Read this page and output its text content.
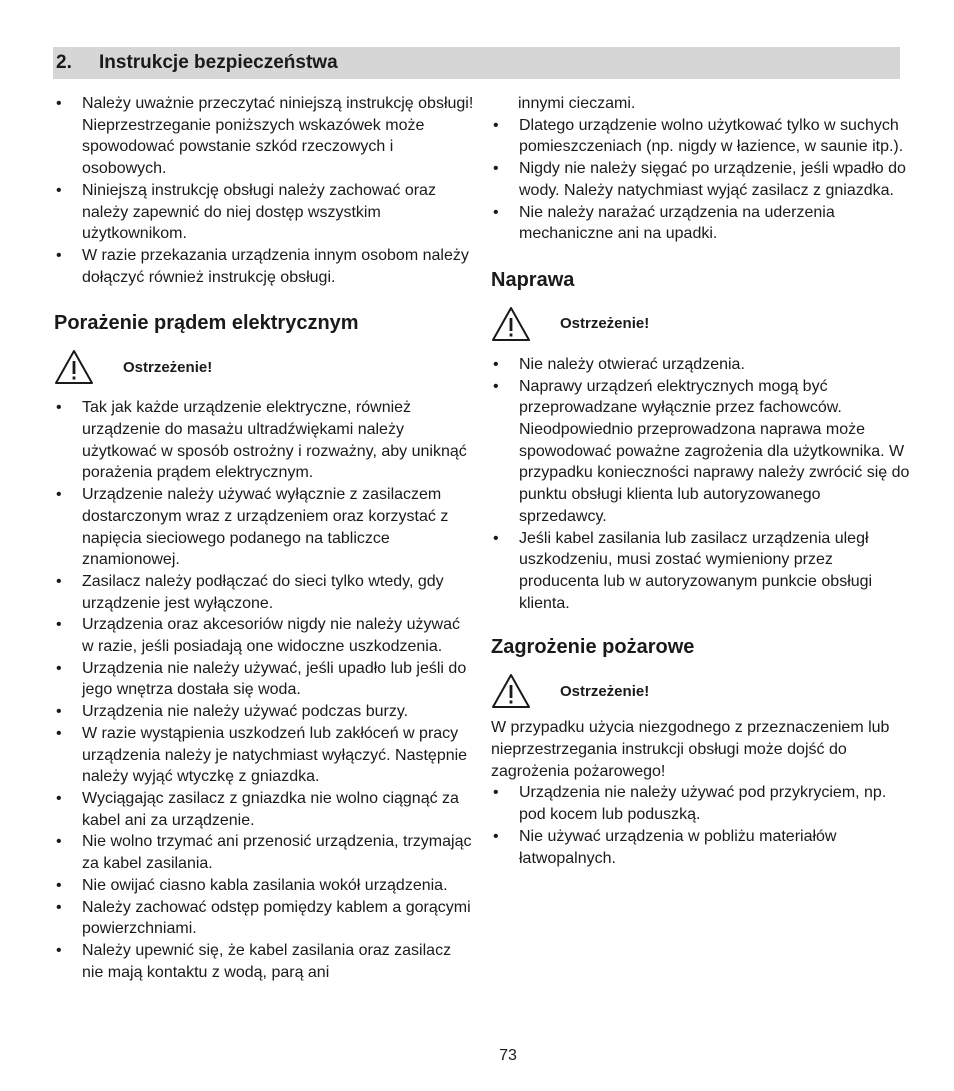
2. Instrukcje bezpieczeństwa
• Należy uważnie przeczytać niniejszą instrukcję obsługi! Nieprzestrzeganie poniższych wskazówek może spowodować powstanie szkód rzeczowych i osobowych.
• Niniejszą instrukcję obsługi należy zachować oraz należy zapewnić do niej dostęp wszystkim użytkownikom.
• W razie przekazania urządzenia innym osobom należy dołączyć również instrukcję obsługi.
Porażenie prądem elektrycznym
Ostrzeżenie!
• Tak jak każde urządzenie elektryczne, również urządzenie do masażu ultradźwiękami należy użytkować w sposób ostrożny i rozważny, aby uniknąć porażenia prądem elektrycznym.
• Urządzenie należy używać wyłącznie z zasilaczem dostarczonym wraz z urządzeniem oraz korzystać z napięcia sieciowego podanego na tabliczce znamionowej.
• Zasilacz należy podłączać do sieci tylko wtedy, gdy urządzenie jest wyłączone.
• Urządzenia oraz akcesoriów nigdy nie należy używać w razie, jeśli posiadają one widoczne uszkodzenia.
• Urządzenia nie należy używać, jeśli upadło lub jeśli do jego wnętrza dostała się woda.
• Urządzenia nie należy używać podczas burzy.
• W razie wystąpienia uszkodzeń lub zakłóceń w pracy urządzenia należy je natychmiast wyłączyć. Następnie należy wyjąć wtyczkę z gniazdka.
• Wyciągając zasilacz z gniazdka nie wolno ciągnąć za kabel ani za urządzenie.
• Nie wolno trzymać ani przenosić urządzenia, trzymając za kabel zasilania.
• Nie owijać ciasno kabla zasilania wokół urządzenia.
• Należy zachować odstęp pomiędzy kablem a gorącymi powierzchniami.
• Należy upewnić się, że kabel zasilania oraz zasilacz nie mają kontaktu z wodą, parą ani
innymi cieczami.
• Dlatego urządzenie wolno użytkować tylko w suchych pomieszczeniach (np. nigdy w łazience, w saunie itp.).
• Nigdy nie należy sięgać po urządzenie, jeśli wpadło do wody. Należy natychmiast wyjąć zasilacz z gniazdka.
• Nie należy narażać urządzenia na uderzenia mechaniczne ani na upadki.
Naprawa
Ostrzeżenie!
• Nie należy otwierać urządzenia.
• Naprawy urządzeń elektrycznych mogą być przeprowadzane wyłącznie przez fachowców. Nieodpowiednio przeprowadzona naprawa może spowodować poważne zagrożenia dla użytkownika. W przypadku konieczności naprawy należy zwrócić się do punktu obsługi klienta lub autoryzowanego sprzedawcy.
• Jeśli kabel zasilania lub zasilacz urządzenia uległ uszkodzeniu, musi zostać wymieniony przez producenta lub w autoryzowanym punkcie obsługi klienta.
Zagrożenie pożarowe
Ostrzeżenie!
W przypadku użycia niezgodnego z przeznaczeniem lub nieprzestrzegania instrukcji obsługi może dojść do zagrożenia pożarowego!
• Urządzenia nie należy używać pod przykryciem, np. pod kocem lub poduszką.
• Nie używać urządzenia w pobliżu materiałów łatwopalnych.
73
